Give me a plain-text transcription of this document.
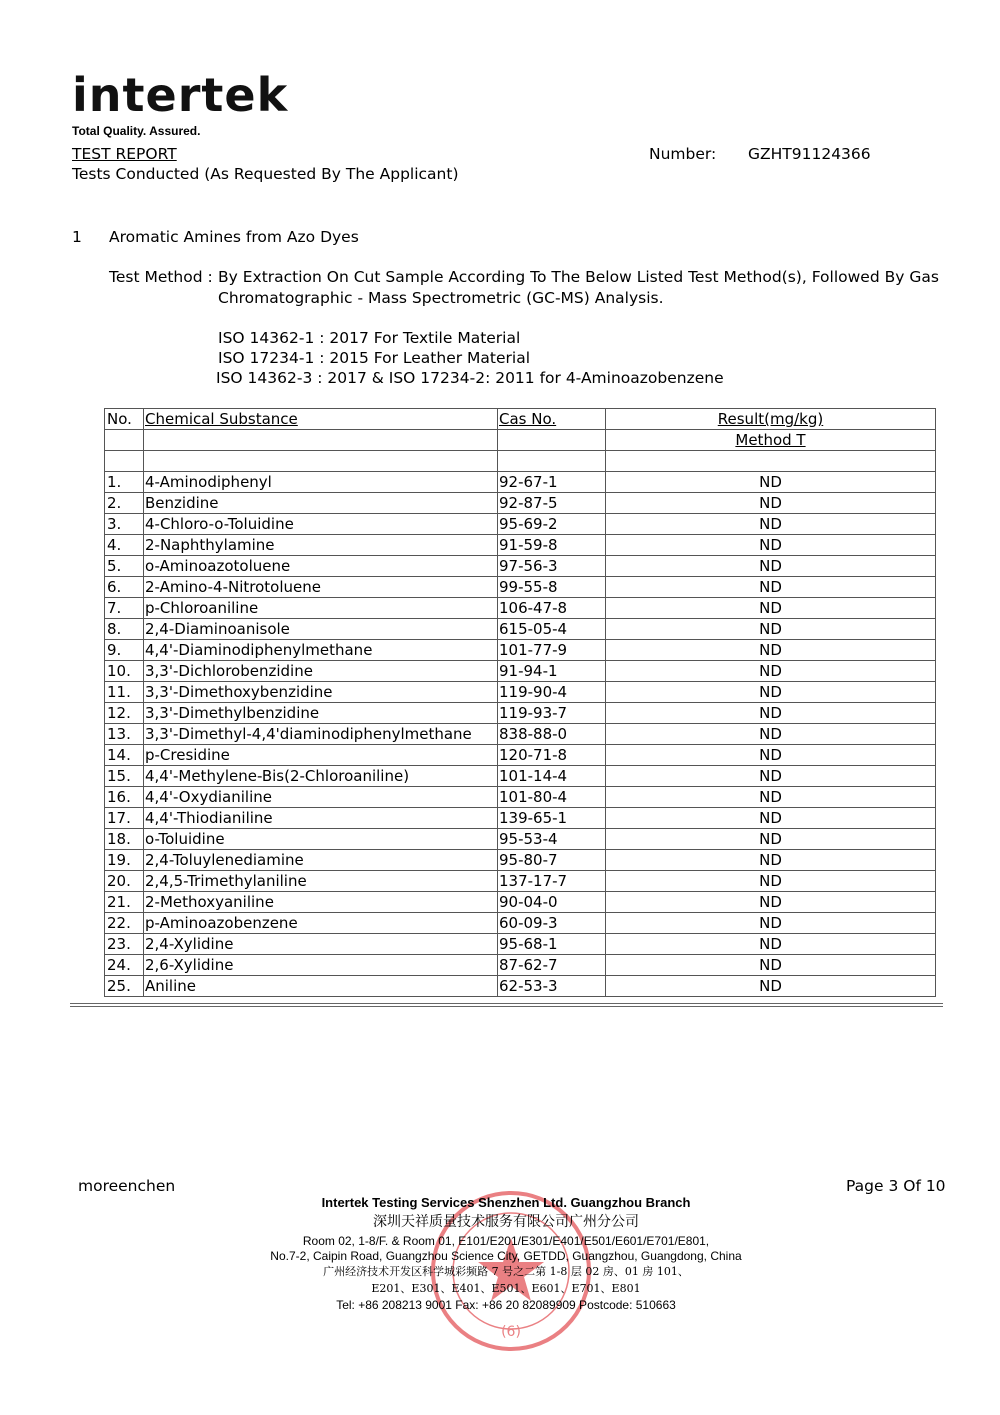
intertek
Total Quality. Assured.
TEST REPORT
Tests Conducted (As Requested By The Applicant)
Number: GZHT91124366
1 Aromatic Amines from Azo Dyes
Test Method : By Extraction On Cut Sample According To The Below Listed Test Method(s), Followed By Gas
Chromatographic - Mass Spectrometric (GC-MS) Analysis.
ISO 14362-1 : 2017 For Textile Material
ISO 17234-1 : 2015 For Leather Material
ISO 14362-3 : 2017 & ISO 17234-2: 2011 for 4-Aminoazobenzene
No.	Chemical Substance	Cas No.	Result(mg/kg)
			Method T

1.	4-Aminodiphenyl	92-67-1	ND
2.	Benzidine	92-87-5	ND
3.	4-Chloro-o-Toluidine	95-69-2	ND
4.	2-Naphthylamine	91-59-8	ND
5.	o-Aminoazotoluene	97-56-3	ND
6.	2-Amino-4-Nitrotoluene	99-55-8	ND
7.	p-Chloroaniline	106-47-8	ND
8.	2,4-Diaminoanisole	615-05-4	ND
9.	4,4'-Diaminodiphenylmethane	101-77-9	ND
10.	3,3'-Dichlorobenzidine	91-94-1	ND
11.	3,3'-Dimethoxybenzidine	119-90-4	ND
12.	3,3'-Dimethylbenzidine	119-93-7	ND
13.	3,3'-Dimethyl-4,4'diaminodiphenylmethane	838-88-0	ND
14.	p-Cresidine	120-71-8	ND
15.	4,4'-Methylene-Bis(2-Chloroaniline)	101-14-4	ND
16.	4,4'-Oxydianiline	101-80-4	ND
17.	4,4'-Thiodianiline	139-65-1	ND
18.	o-Toluidine	95-53-4	ND
19.	2,4-Toluylenediamine	95-80-7	ND
20.	2,4,5-Trimethylaniline	137-17-7	ND
21.	2-Methoxyaniline	90-04-0	ND
22.	p-Aminoazobenzene	60-09-3	ND
23.	2,4-Xylidine	95-68-1	ND
24.	2,6-Xylidine	87-62-7	ND
25.	Aniline	62-53-3	ND
moreenchen	Page 3 Of 10
(6)
Intertek Testing Services Shenzhen Ltd. Guangzhou Branch
深圳天祥质量技术服务有限公司广州分公司
Room 02, 1-8/F. & Room 01, E101/E201/E301/E401/E501/E601/E701/E801,
No.7-2, Caipin Road, Guangzhou Science City, GETDD, Guangzhou, Guangdong, China
广州经济技术开发区科学城彩频路 7 号之二第 1-8 层 02 房、01 房 101、
E201、E301、E401、E501、E601、E701、E801
Tel: +86 208213 9001 Fax: +86 20 82089909 Postcode: 510663
